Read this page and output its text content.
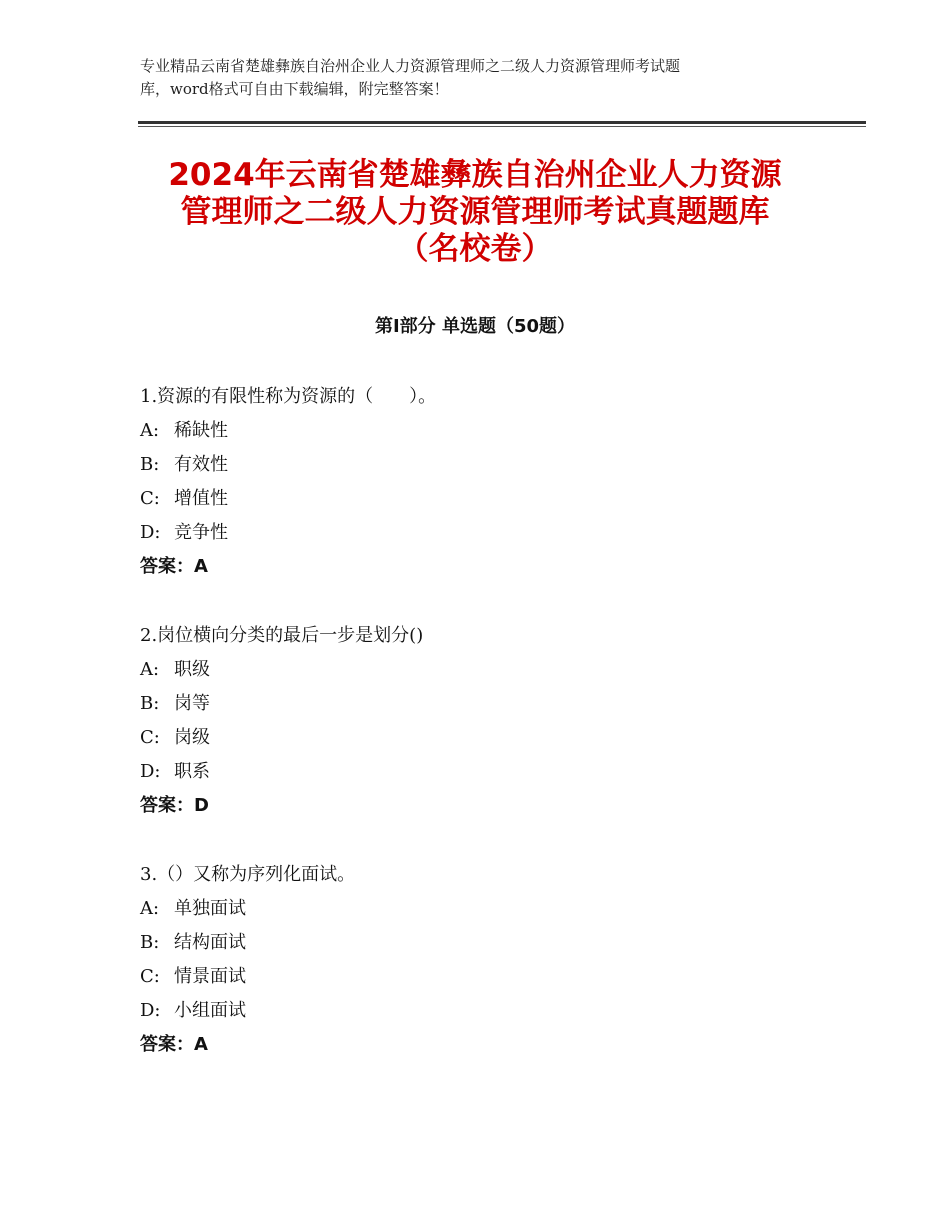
专业精品云南省楚雄彝族自治州企业人力资源管理师之二级人力资源管理师考试题
库，word格式可自由下载编辑，附完整答案！
2024年云南省楚雄彝族自治州企业人力资源
管理师之二级人力资源管理师考试真题题库
（名校卷）
第Ⅰ部分 单选题（50题）
1.资源的有限性称为资源的（　　）。
A: 稀缺性
B: 有效性
C: 增值性
D: 竞争性
答案：A
2.岗位横向分类的最后一步是划分()
A: 职级
B: 岗等
C: 岗级
D: 职系
答案：D
3.（）又称为序列化面试。
A: 单独面试
B: 结构面试
C: 情景面试
D: 小组面试
答案：A
